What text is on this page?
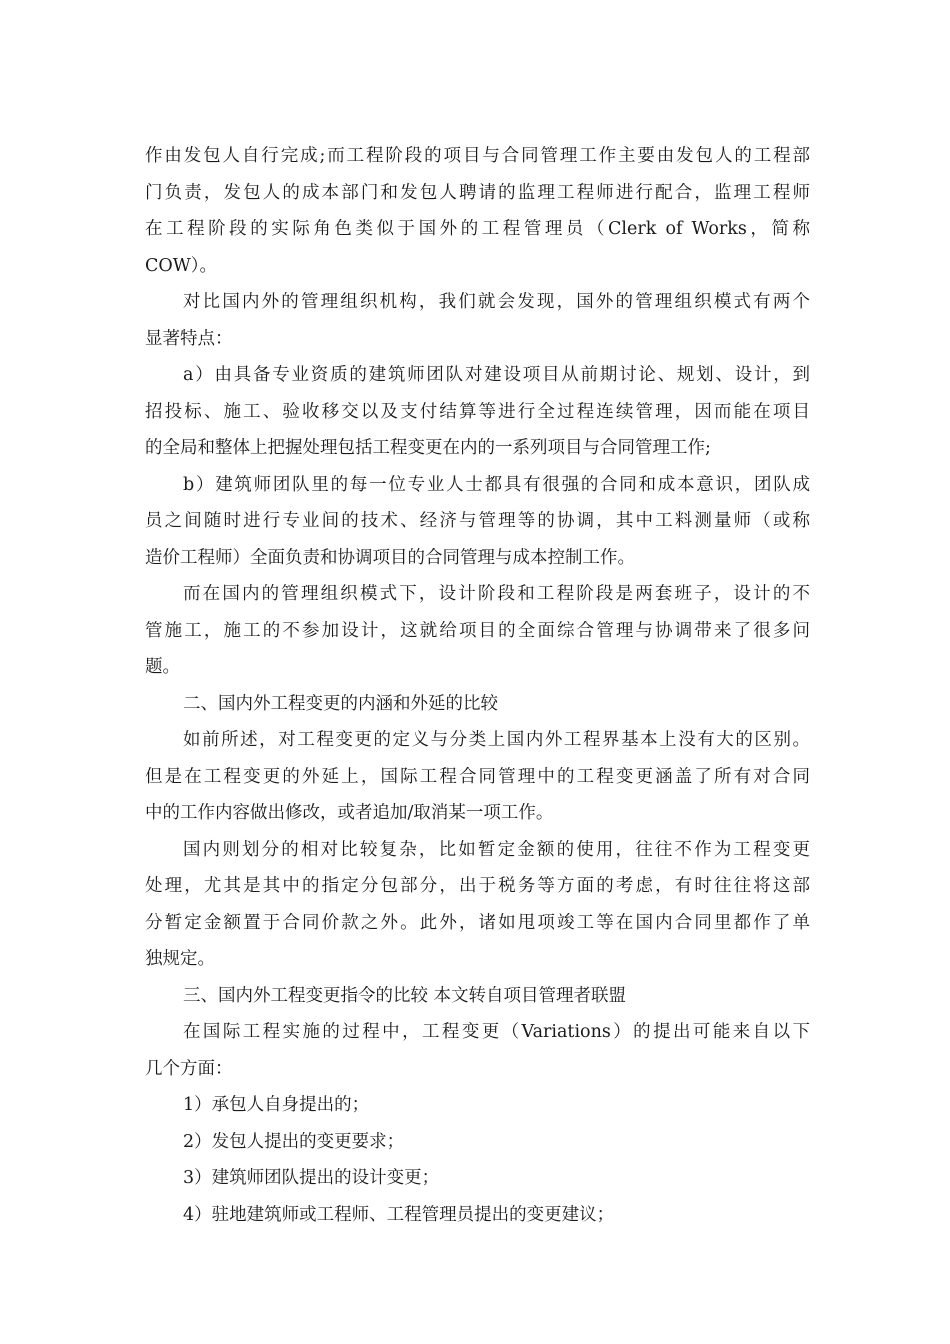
作由发包人自行完成;而工程阶段的项目与合同管理工作主要由发包人的工程部
门负责，发包人的成本部门和发包人聘请的监理工程师进行配合，监理工程师
在工程阶段的实际角色类似于国外的工程管理员（Clerk of Works，简称
COW）。
对比国内外的管理组织机构，我们就会发现，国外的管理组织模式有两个
显著特点：
a）由具备专业资质的建筑师团队对建设项目从前期讨论、规划、设计，到
招投标、施工、验收移交以及支付结算等进行全过程连续管理，因而能在项目
的全局和整体上把握处理包括工程变更在内的一系列项目与合同管理工作;
b）建筑师团队里的每一位专业人士都具有很强的合同和成本意识，团队成
员之间随时进行专业间的技术、经济与管理等的协调，其中工料测量师（或称
造价工程师）全面负责和协调项目的合同管理与成本控制工作。
而在国内的管理组织模式下，设计阶段和工程阶段是两套班子，设计的不
管施工，施工的不参加设计，这就给项目的全面综合管理与协调带来了很多问
题。
二、国内外工程变更的内涵和外延的比较
如前所述，对工程变更的定义与分类上国内外工程界基本上没有大的区别。
但是在工程变更的外延上，国际工程合同管理中的工程变更涵盖了所有对合同
中的工作内容做出修改，或者追加/取消某一项工作。
国内则划分的相对比较复杂，比如暂定金额的使用，往往不作为工程变更
处理，尤其是其中的指定分包部分，出于税务等方面的考虑，有时往往将这部
分暂定金额置于合同价款之外。此外，诸如甩项竣工等在国内合同里都作了单
独规定。
三、国内外工程变更指令的比较 本文转自项目管理者联盟
在国际工程实施的过程中，工程变更（Variations）的提出可能来自以下
几个方面：
1）承包人自身提出的；
2）发包人提出的变更要求；
3）建筑师团队提出的设计变更；
4）驻地建筑师或工程师、工程管理员提出的变更建议；
